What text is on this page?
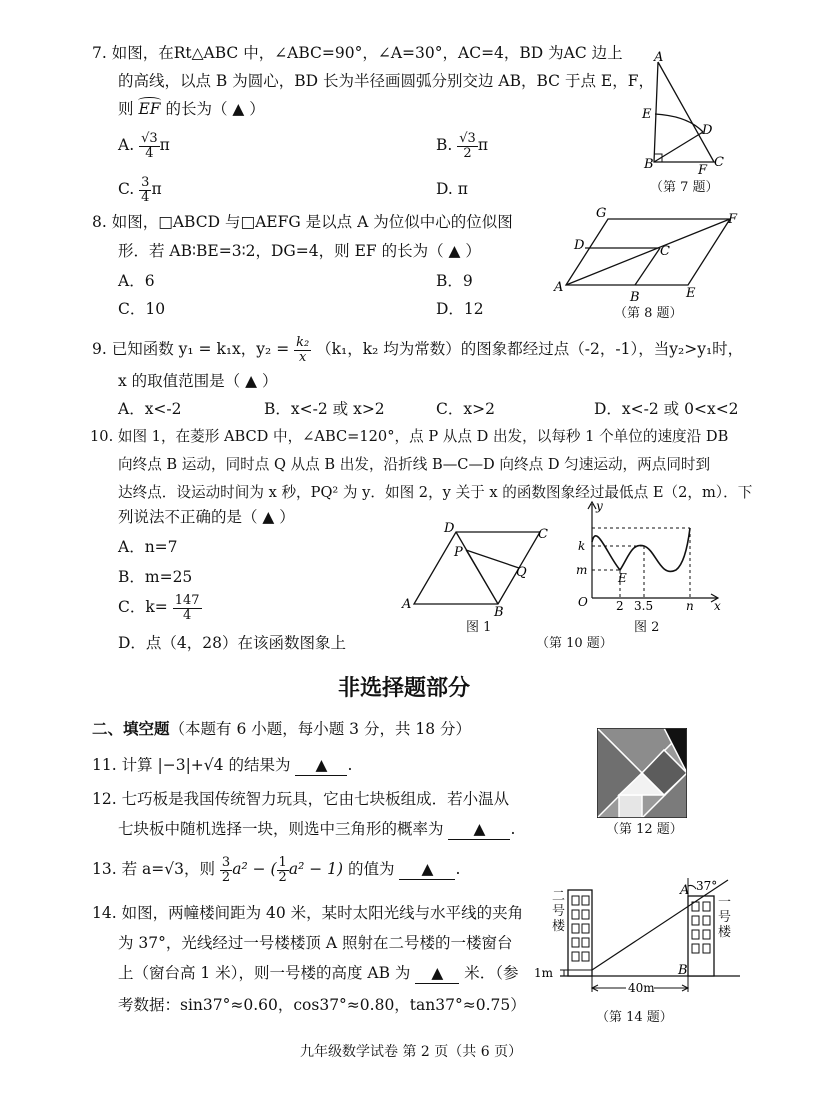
7. 如图，在Rt△ABC 中，∠ABC=90°，∠A=30°，AC=4，BD 为AC 边上
的高线，以点 B 为圆心，BD 长为半径画圆弧分别交边 AB，BC 于点 E，F，
则 EF 的长为（ ▲ ）
A. $\frac{√3}{4}$ π	B. $\frac{√3}{2}$ π
C. $\frac{3}{4}$ π	D. π
A
E
D
B	F
C
（第 7 题）
8. 如图，□ABCD 与□AEFG 是以点 A 为位似中心的位似图
形．若 AB∶BE=3∶2，DG=4，则 EF 的长为（ ▲ ）
A．6	B．9
C．10	D．12
G	F
D	C
A
B	E
（第 8 题）
9. 已知函数 y₁ = k₁x，$y_2 = \frac{\text{k₂}}{x} (k_1$，k₂ 均为常数）的图象都经过点（-2，-1），当y₂>y₁时，
x 的取值范围是（ ▲ ）
A．x<-2	B．x<-2 或 x>2	C．x>2	D．x<-2 或 0<x<2
10. 如图 1，在菱形 ABCD 中，∠ABC=120°，点 P 从点 D 出发，以每秒 1 个单位的速度沿 DB
向终点 B 运动，同时点 Q 从点 B 出发，沿折线 B—C—D 向终点 D 匀速运动，两点同时到
达终点．设运动时间为 x 秒，PQ² 为 y．如图 2，y 关于 x 的函数图象经过最低点 E（2，m）．下
列说法不正确的是（ ▲ ）
A．n=7
B．m=25
C．$k= \frac{147}{4}$
D．点（4，28）在该函数图象上
D	C
P
Q
A
B
图 1
y
k
m
E
O 2 3.5	n x
图 2
（第 10 题）
非选择题部分
二、填空题（本题有 6 小题，每小题 3 分，共 18 分）
11. 计算 |−3|+√4 的结果为 ▲ .
12. 七巧板是我国传统智力玩具，它由七块板组成．若小温从
七块板中随机选择一块，则选中三角形的概率为 ▲ .	（第 12 题）
13. 若 a=√3，则 $\frac{3}{2} a^2$ − ( $\frac{1}{2} a^2 - 1$) 的值为 ▲ .
14. 如图，两幢楼间距为 40 米，某时太阳光线与水平线的夹角
为 37°，光线经过一号楼楼顶 A 照射在二号楼的一楼窗台
上（窗台高 1 米），则一号楼的高度 AB 为 ▲ 米．（参
考数据：sin37°≈0.60，cos37°≈0.80，tan37°≈0.75）
40m
1m
A 37°
B
二号楼
一号楼
（第 14 题）
九年级数学试卷 第 2 页（共 6 页）
